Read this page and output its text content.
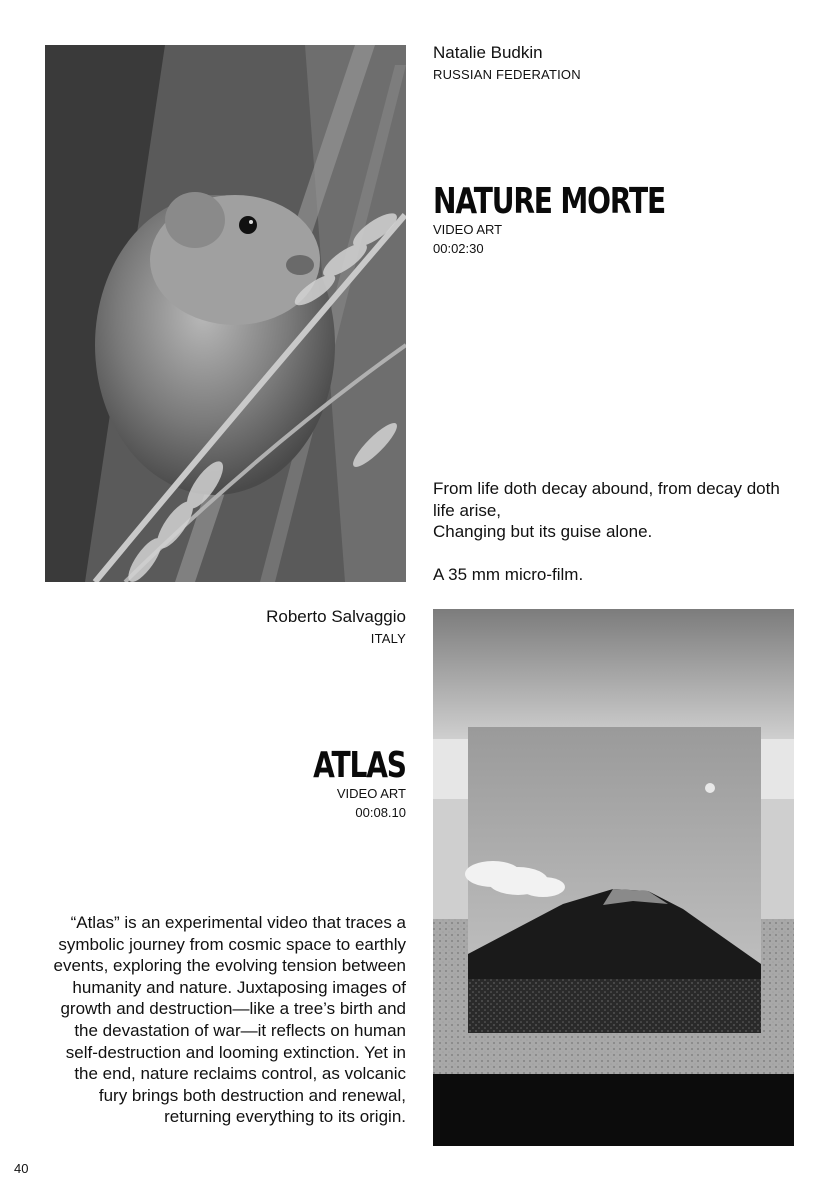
Natalie Budkin
RUSSIAN FEDERATION
NATURE MORTE
VIDEO ART
00:02:30
From life doth decay abound, from decay doth life arise,
Changing but its guise alone.
A 35 mm micro-film.
Roberto Salvaggio
ITALY
ATLAS
VIDEO ART
00:08.10
“Atlas” is an experimental video that traces a symbolic journey from cosmic space to earthly events, exploring the evolving tension between humanity and nature. Juxtaposing images of growth and destruction—like a tree’s birth and the devastation of war—it reflects on human self-destruction and looming extinction. Yet in the end, nature reclaims control, as volcanic fury brings both destruction and renewal, returning everything to its origin.
40
